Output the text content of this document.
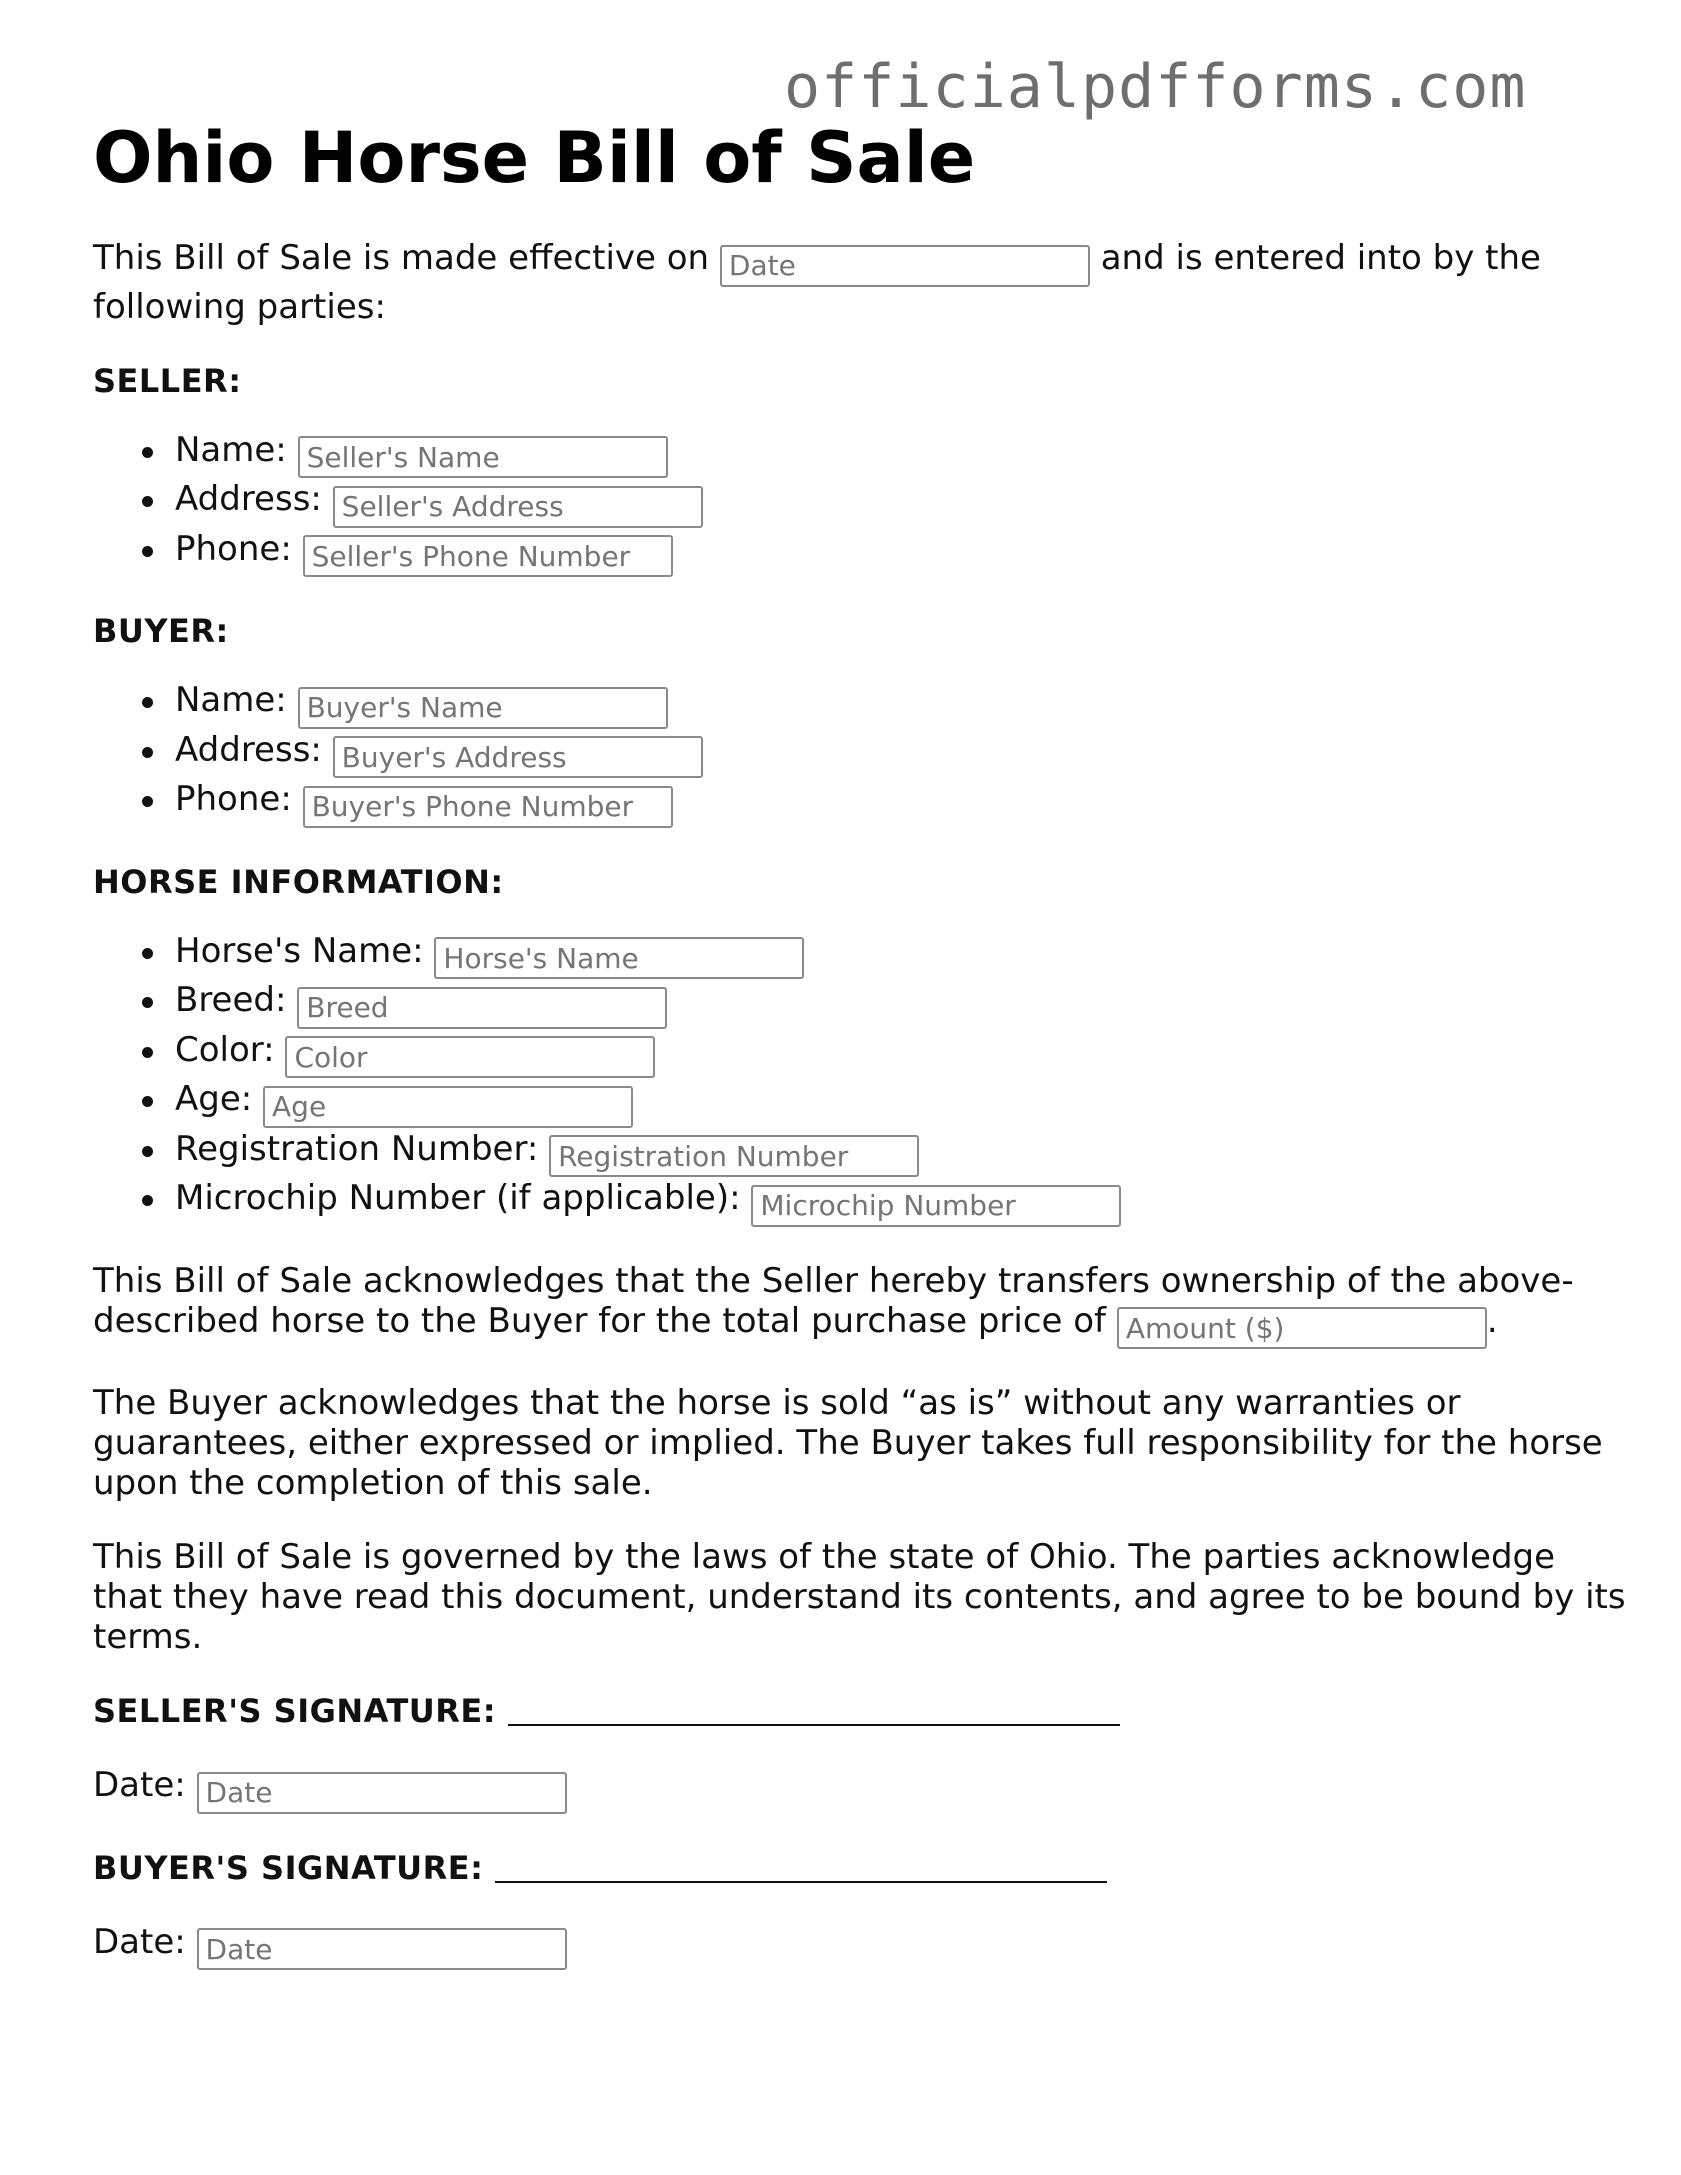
officialpdfforms.com
Ohio Horse Bill of Sale

This Bill of Sale is made effective on Date	and is entered into by the following parties:

SELLER:
Name: Seller's Name
Address: Seller's Address
Phone: Seller's Phone Number
BUYER:
Name: Buyer's Name
Address: Buyer's Address
Phone: Buyer's Phone Number
HORSE INFORMATION:
Horse's Name: Horse's Name
Breed: Breed
Color: Color
Age: Age
Registration Number: Registration Number
Microchip Number (if applicable): Microchip Number

This Bill of Sale acknowledges that the Seller hereby transfers ownership of the above-described horse to the Buyer for the total purchase price of Amount ($)	.

The Buyer acknowledges that the horse is sold “as is” without any warranties or guarantees, either expressed or implied. The Buyer takes full responsibility for the horse upon the completion of this sale.

This Bill of Sale is governed by the laws of the state of Ohio. The parties acknowledge that they have read this document, understand its contents, and agree to be bound by its terms.

SELLER'S SIGNATURE:
Date: Date
BUYER'S SIGNATURE:
Date: Date
